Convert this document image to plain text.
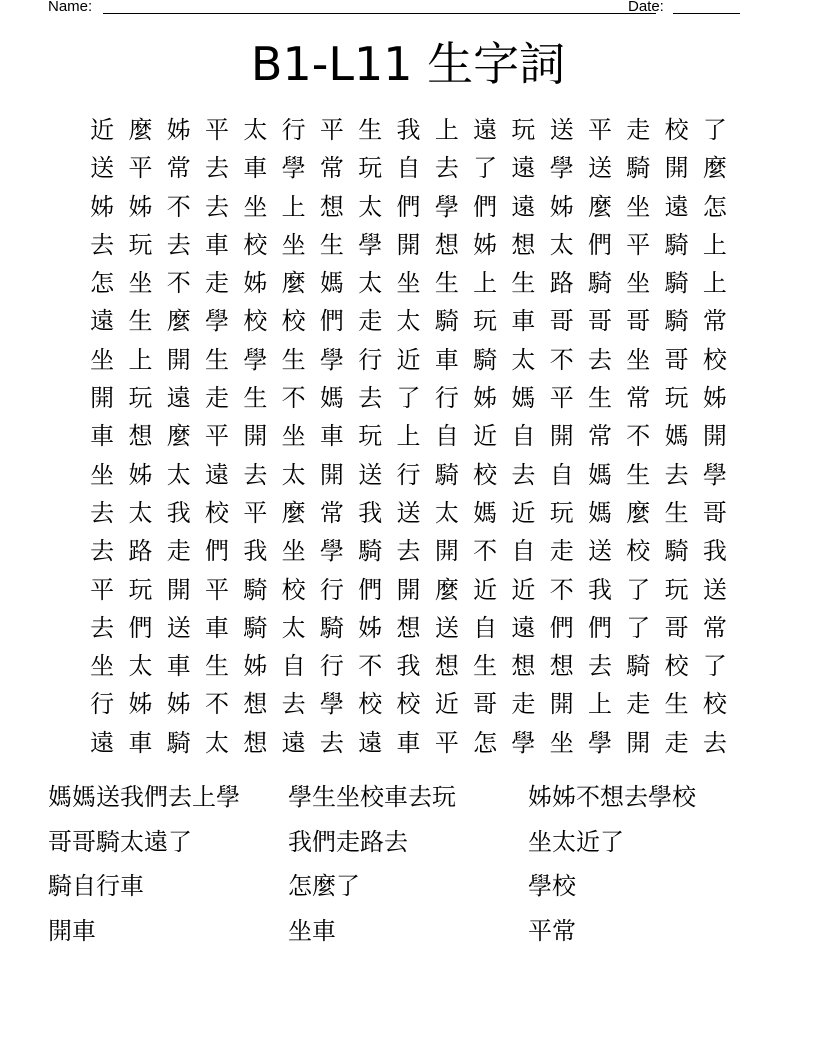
Name:	Date:
B1-L11 生字詞
近 麼 姊 平 太 行 平 生 我 上 遠 玩 送 平 走 校 了
送 平 常 去 車 學 常 玩 自 去 了 遠 學 送 騎 開 麼
姊 姊 不 去 坐 上 想 太 們 學 們 遠 姊 麼 坐 遠 怎
去 玩 去 車 校 坐 生 學 開 想 姊 想 太 們 平 騎 上
怎 坐 不 走 姊 麼 媽 太 坐 生 上 生 路 騎 坐 騎 上
遠 生 麼 學 校 校 們 走 太 騎 玩 車 哥 哥 哥 騎 常
坐 上 開 生 學 生 學 行 近 車 騎 太 不 去 坐 哥 校
開 玩 遠 走 生 不 媽 去 了 行 姊 媽 平 生 常 玩 姊
車 想 麼 平 開 坐 車 玩 上 自 近 自 開 常 不 媽 開
坐 姊 太 遠 去 太 開 送 行 騎 校 去 自 媽 生 去 學
去 太 我 校 平 麼 常 我 送 太 媽 近 玩 媽 麼 生 哥
去 路 走 們 我 坐 學 騎 去 開 不 自 走 送 校 騎 我
平 玩 開 平 騎 校 行 們 開 麼 近 近 不 我 了 玩 送
去 們 送 車 騎 太 騎 姊 想 送 自 遠 們 們 了 哥 常
坐 太 車 生 姊 自 行 不 我 想 生 想 想 去 騎 校 了
行 姊 姊 不 想 去 學 校 校 近 哥 走 開 上 走 生 校
遠 車 騎 太 想 遠 去 遠 車 平 怎 學 坐 學 開 走 去
媽媽送我們去上學	學生坐校車去玩	姊姊不想去學校
哥哥騎太遠了	我們走路去	坐太近了
騎自行車	怎麼了	學校
開車	坐車	平常
